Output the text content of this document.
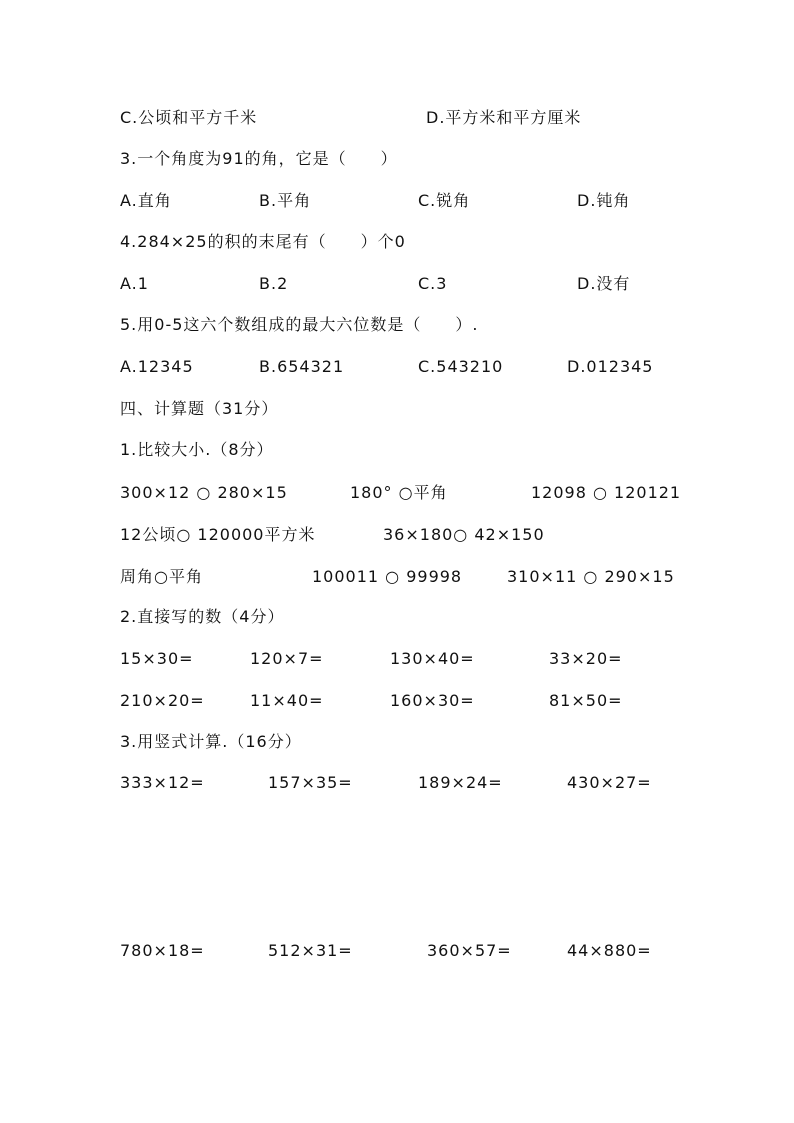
C.公顷和平方千米	D.平方米和平方厘米
3.一个角度为91的角，它是（　　）
A.直角	B.平角	C.锐角	D.钝角
4.284×25的积的末尾有（　　）个0
A.1	B.2	C.3	D.没有
5.用0-5这六个数组成的最大六位数是（　　）.
A.12345	B.654321	C.543210	D.012345
四、计算题（31分）
1.比较大小.（8分）
300×12 ○ 280×15	180° ○平角	12098 ○ 120121
12公顷○ 120000平方米	36×180○ 42×150
周角○平角	100011 ○ 99998	310×11 ○ 290×15
2.直接写的数（4分）
15×30=	120×7=	130×40=	33×20=
210×20=	11×40=	160×30=	81×50=
3.用竖式计算.（16分）
333×12=	157×35=	189×24=	430×27=
780×18=	512×31=	360×57=	44×880=
